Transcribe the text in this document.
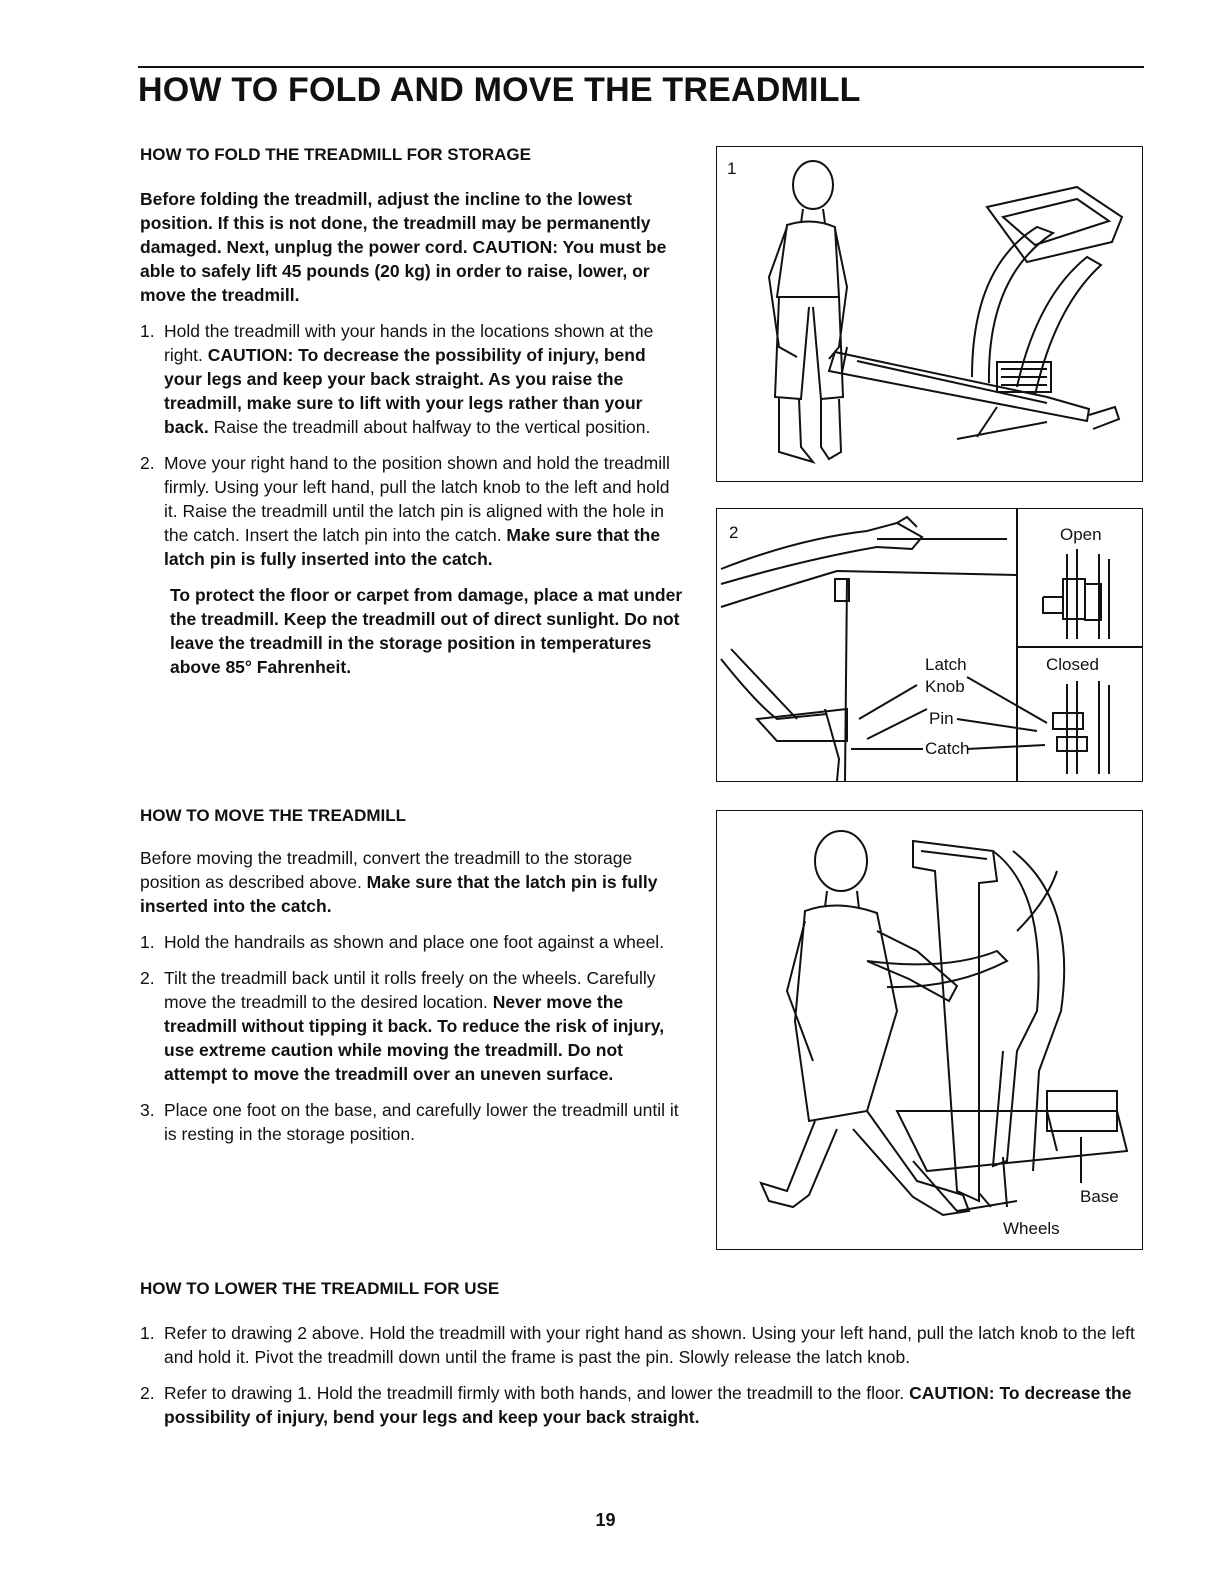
HOW TO FOLD AND MOVE THE TREADMILL

HOW TO FOLD THE TREADMILL FOR STORAGE

Before folding the treadmill, adjust the incline to the lowest position. If this is not done, the treadmill may be permanently damaged. Next, unplug the power cord. CAUTION: You must be able to safely lift 45 pounds (20 kg) in order to raise, lower, or move the treadmill.

1. Hold the treadmill with your hands in the locations shown at the right. CAUTION: To decrease the possibility of injury, bend your legs and keep your back straight. As you raise the treadmill, make sure to lift with your legs rather than your back. Raise the treadmill about halfway to the vertical position.
2. Move your right hand to the position shown and hold the treadmill firmly. Using your left hand, pull the latch knob to the left and hold it. Raise the treadmill until the latch pin is aligned with the hole in the catch. Insert the latch pin into the catch. Make sure that the latch pin is fully inserted into the catch.

To protect the floor or carpet from damage, place a mat under the treadmill. Keep the treadmill out of direct sunlight. Do not leave the treadmill in the storage position in temperatures above 85° Fahrenheit.

HOW TO MOVE THE TREADMILL

Before moving the treadmill, convert the treadmill to the storage position as described above. Make sure that the latch pin is fully inserted into the catch.

1. Hold the handrails as shown and place one foot against a wheel.
2. Tilt the treadmill back until it rolls freely on the wheels. Carefully move the treadmill to the desired location. Never move the treadmill without tipping it back. To reduce the risk of injury, use extreme caution while moving the treadmill. Do not attempt to move the treadmill over an uneven surface.
3. Place one foot on the base, and carefully lower the treadmill until it is resting in the storage position.

HOW TO LOWER THE TREADMILL FOR USE

1. Refer to drawing 2 above. Hold the treadmill with your right hand as shown. Using your left hand, pull the latch knob to the left and hold it. Pivot the treadmill down until the frame is past the pin. Slowly release the latch knob.
2. Refer to drawing 1. Hold the treadmill firmly with both hands, and lower the treadmill to the floor. CAUTION: To decrease the possibility of injury, bend your legs and keep your back straight.
1
2	Open
Closed
Latch
Knob
Pin
Catch
Base
Wheels
19
